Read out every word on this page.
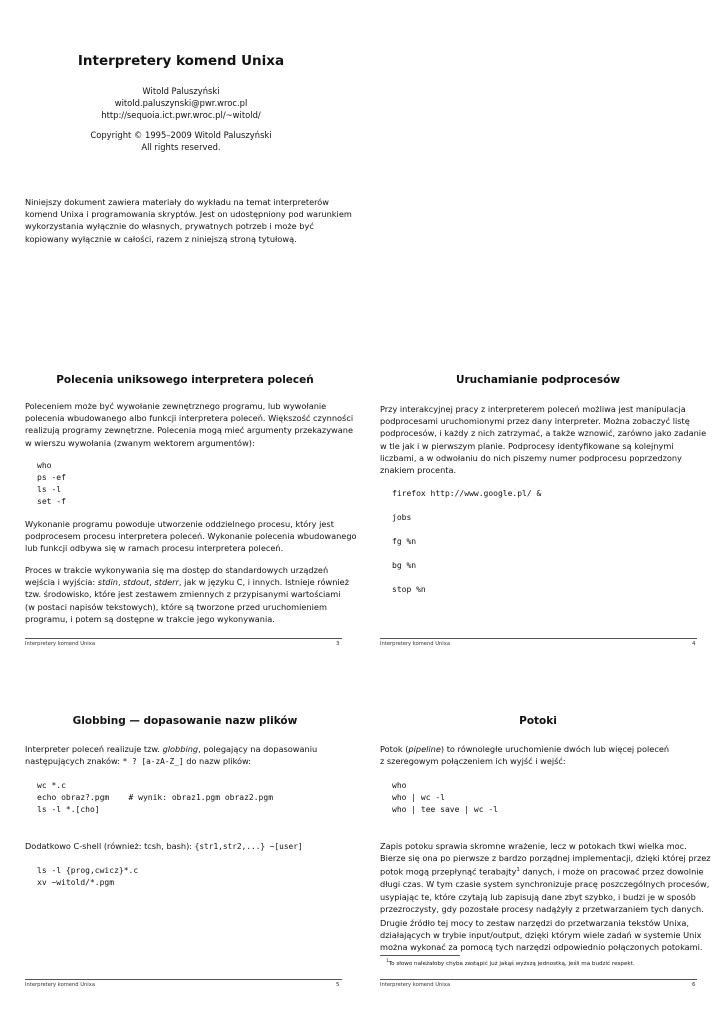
Interpretery komend Unixa
Witold Paluszyński
witold.paluszynski@pwr.wroc.pl
http://sequoia.ict.pwr.wroc.pl/~witold/
Copyright © 1995–2009 Witold Paluszyński
All rights reserved.
Niniejszy dokument zawiera materiały do wykładu na temat interpreterów
komend Unixa i programowania skryptów. Jest on udostępniony pod warunkiem
wykorzystania wyłącznie do własnych, prywatnych potrzeb i może być
kopiowany wyłącznie w całości, razem z niniejszą stroną tytułową.
Polecenia uniksowego interpretera poleceń
Poleceniem może być wywołanie zewnętrznego programu, lub wywołanie
polecenia wbudowanego albo funkcji interpretera poleceń. Większość czynności
realizują programy zewnętrzne. Polecenia mogą mieć argumenty przekazywane
w wierszu wywołania (zwanym wektorem argumentów):
who
ps -ef
ls -l
set -f
Wykonanie programu powoduje utworzenie oddzielnego procesu, który jest
podprocesem procesu interpretera poleceń. Wykonanie polecenia wbudowanego
lub funkcji odbywa się w ramach procesu interpretera poleceń.
Proces w trakcie wykonywania się ma dostęp do standardowych urządzeń
wejścia i wyjścia: stdin, stdout, stderr, jak w języku C, i innych. Istnieje również
tzw. środowisko, które jest zestawem zmiennych z przypisanymi wartościami
(w postaci napisów tekstowych), które są tworzone przed uruchomieniem
programu, i potem są dostępne w trakcie jego wykonywania.
Interpretery komend Unixa	3
Uruchamianie podprocesów
Przy interakcyjnej pracy z interpreterem poleceń możliwa jest manipulacja
podprocesami uruchomionymi przez dany interpreter. Można zobaczyć listę
podprocesów, i każdy z nich zatrzymać, a także wznowić, zarówno jako zadanie
w tle jak i w pierwszym planie. Podprocesy identyfikowane są kolejnymi
liczbami, a w odwołaniu do nich piszemy numer podprocesu poprzedzony
znakiem procenta.
firefox http://www.google.pl/ &
jobs
fg %n
bg %n
stop %n
Interpretery komend Unixa	4
Globbing — dopasowanie nazw plików
Interpreter poleceń realizuje tzw. globbing, polegający na dopasowaniu
następujących znaków: * ? [a-zA-Z_] do nazw plików:
wc *.c
echo obraz?.pgm    # wynik: obraz1.pgm obraz2.pgm
ls -l *.[cho]
Dodatkowo C-shell (również: tcsh, bash): {str1,str2,...} ~[user]
ls -l {prog,cwicz}*.c
xv ~witold/*.pgm
Interpretery komend Unixa	5
Potoki
Potok (pipeline) to równoległe uruchomienie dwóch lub więcej poleceń
z szeregowym połączeniem ich wyjść i wejść:
who
who | wc -l
who | tee save | wc -l
Zapis potoku sprawia skromne wrażenie, lecz w potokach tkwi wielka moc.
Bierze się ona po pierwsze z bardzo porządnej implementacji, dzięki której przez
potok mogą przepłynąć terabajty$^1$ danych, i może on pracować przez dowolnie
długi czas. W tym czasie system synchronizuje pracę poszczególnych procesów,
usypiając te, które czytają lub zapisują dane zbyt szybko, i budzi je w sposób
przezroczysty, gdy pozostałe procesy nadążyły z przetwarzaniem tych danych.
Drugie źródło tej mocy to zestaw narzędzi do przetwarzania tekstów Unixa,
działających w trybie input/output, dzięki którym wiele zadań w systemie Unix
można wykonać za pomocą tych narzędzi odpowiednio połączonych potokami.
$^1$To słowo należałoby chyba zastąpić już jakąś wyższą jednostką, jeśli ma budzić respekt.
Interpretery komend Unixa	6
